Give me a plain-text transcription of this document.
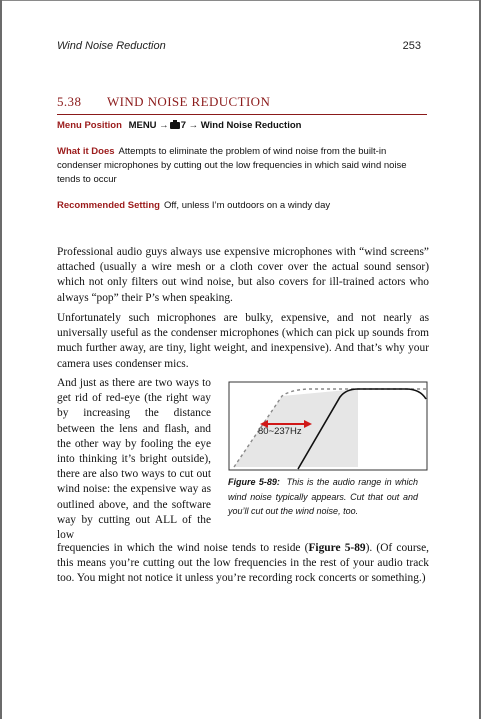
Wind Noise Reduction	253
5.38 WIND NOISE REDUCTION
Menu Position MENU → 7 → Wind Noise Reduction
What it Does Attempts to eliminate the problem of wind noise from the built-in condenser microphones by cutting out the low frequencies in which said wind noise tends to occur
Recommended Setting Off, unless I’m outdoors on a windy day
Professional audio guys always use expensive microphones with “wind screens” attached (usually a wire mesh or a cloth cover over the actual sound sensor) which not only filters out wind noise, but also covers for ill-trained actors who always “pop” their P’s when speaking.
Unfortunately such microphones are bulky, expensive, and not nearly as universally useful as the condenser microphones (which can pick up sounds from much further away, are tiny, light weight, and inexpensive). And that’s why your camera uses condenser mics.
And just as there are two ways to get rid of red-eye (the right way by increasing the distance between the lens and flash, and the other way by fooling the eye into thinking it’s bright outside), there are also two ways to cut out wind noise: the expensive way as outlined above, and the software way by cutting out ALL of the low
80~237Hz
Figure 5-89: This is the audio range in which wind noise typically appears. Cut that out and you’ll cut out the wind noise, too.
frequencies in which the wind noise tends to reside (Figure 5-89). (Of course, this means you’re cutting out the low frequencies in the rest of your audio track too. You might not notice it unless you’re recording rock concerts or something.)
